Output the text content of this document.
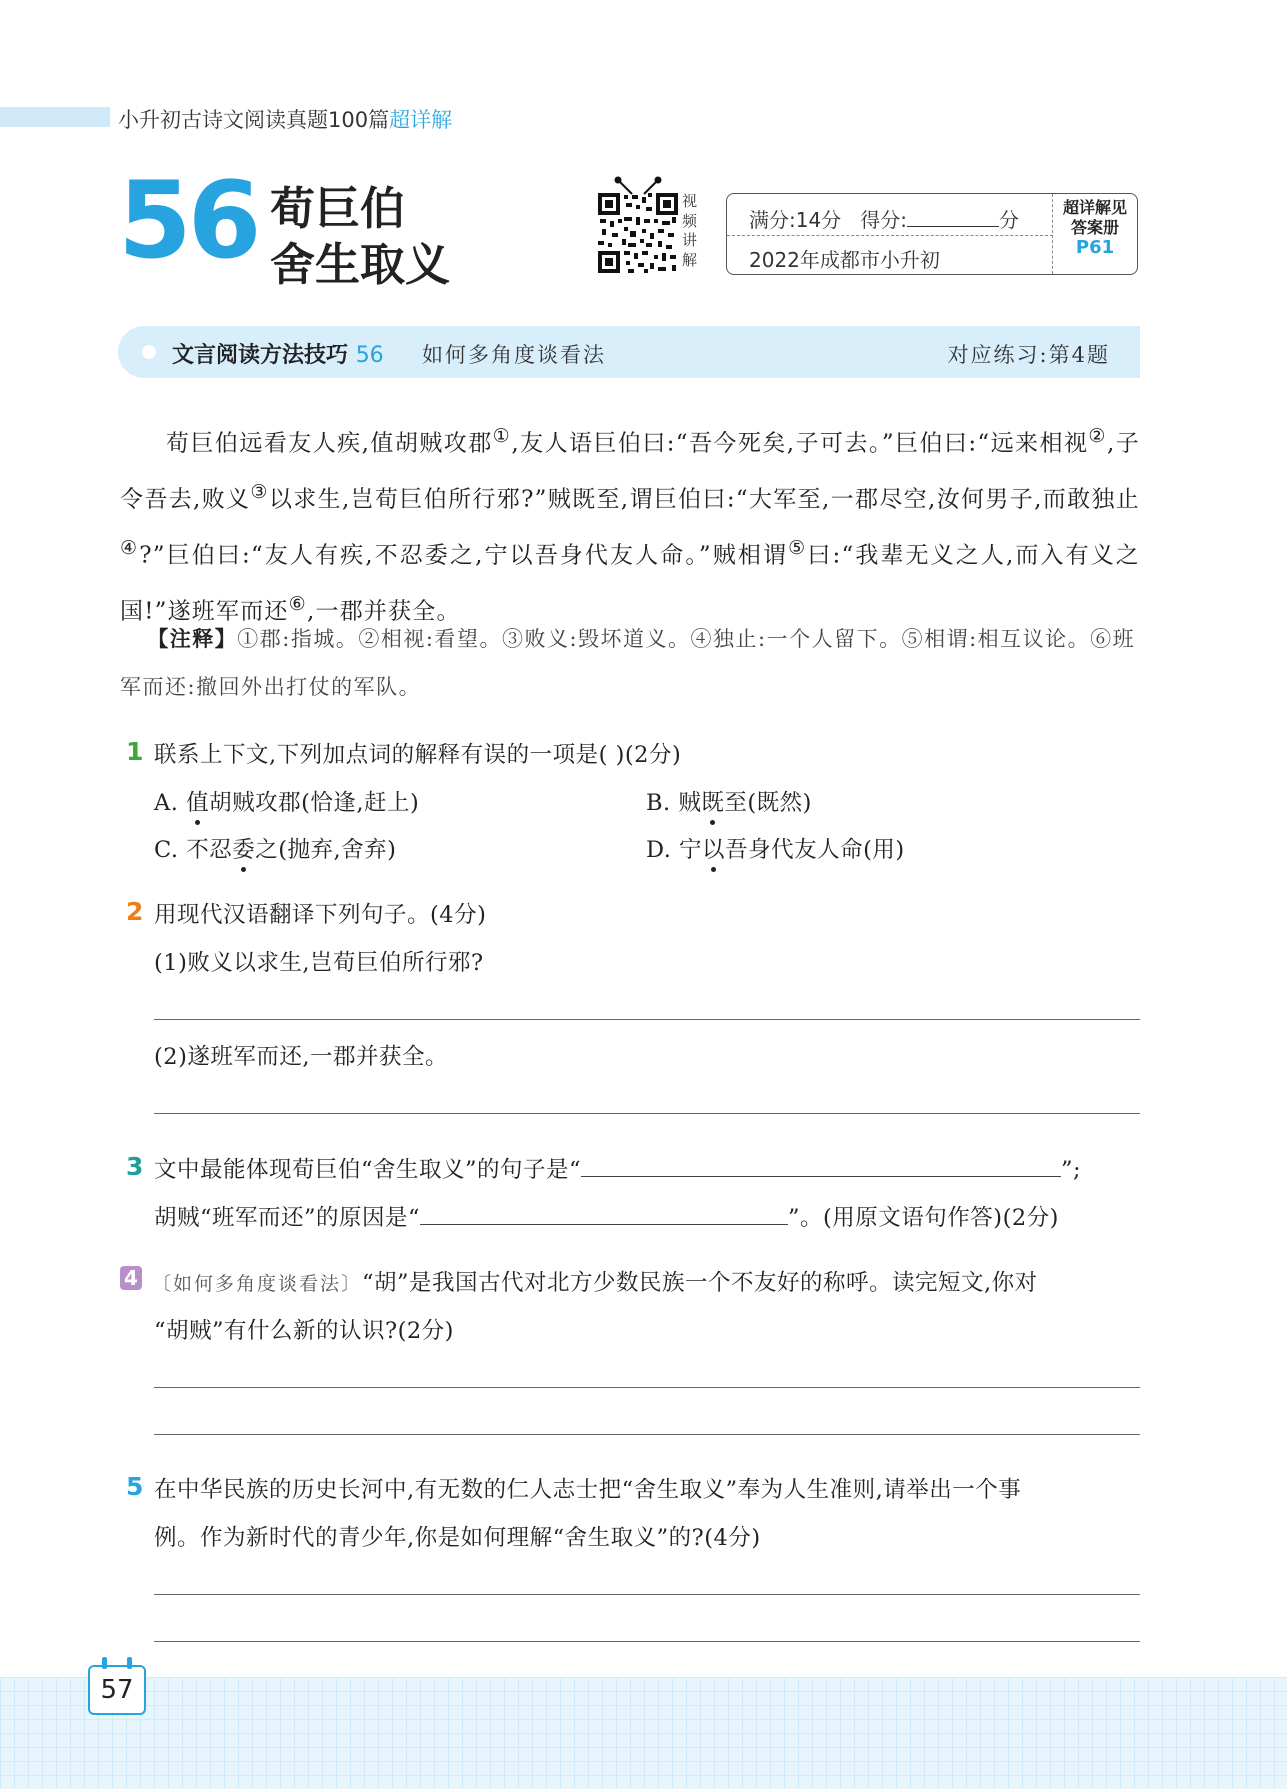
小升初古诗文阅读真题100篇超详解
56 荀巨伯
舍生取义
视
频
讲
解
满分:14分 得分:	分
2022年成都市小升初
超详解见
答案册
P61
文言阅读方法技巧 56 如何多角度谈看法	对应练习:第4题

荀巨伯远看友人疾,值胡贼攻郡①,友人语巨伯曰:“吾今死矣,子可去。”巨伯曰:“远来相视②,子令吾去,败义③以求生,岂荀巨伯所行邪?”贼既至,谓巨伯曰:“大军至,一郡尽空,汝何男子,而敢独止④?”巨伯曰:“友人有疾,不忍委之,宁以吾身代友人命。”贼相谓⑤曰:“我辈无义之人,而入有义之国!”遂班军而还⑥,一郡并获全。

【注释】①郡:指城。②相视:看望。③败义:毁坏道义。④独止:一个人留下。⑤相谓:相互议论。⑥班军而还:撤回外出打仗的军队。

1 联系上下文,下列加点词的解释有误的一项是( )(2分)
A. 值胡贼攻郡(恰逢,赶上)	B. 贼既至(既然)
C. 不忍委之(抛弃,舍弃)	D. 宁以吾身代友人命(用)
2 用现代汉语翻译下列句子。(4分)
(1)败义以求生,岂荀巨伯所行邪?
(2)遂班军而还,一郡并获全。
3 文中最能体现荀巨伯“舍生取义”的句子是“	”;
胡贼“班军而还”的原因是“	”。(用原文语句作答)(2分)
4 〔如何多角度谈看法〕“胡”是我国古代对北方少数民族一个不友好的称呼。读完短文,你对
“胡贼”有什么新的认识?(2分)
5 在中华民族的历史长河中,有无数的仁人志士把“舍生取义”奉为人生准则,请举出一个事
例。作为新时代的青少年,你是如何理解“舍生取义”的?(4分)
57
